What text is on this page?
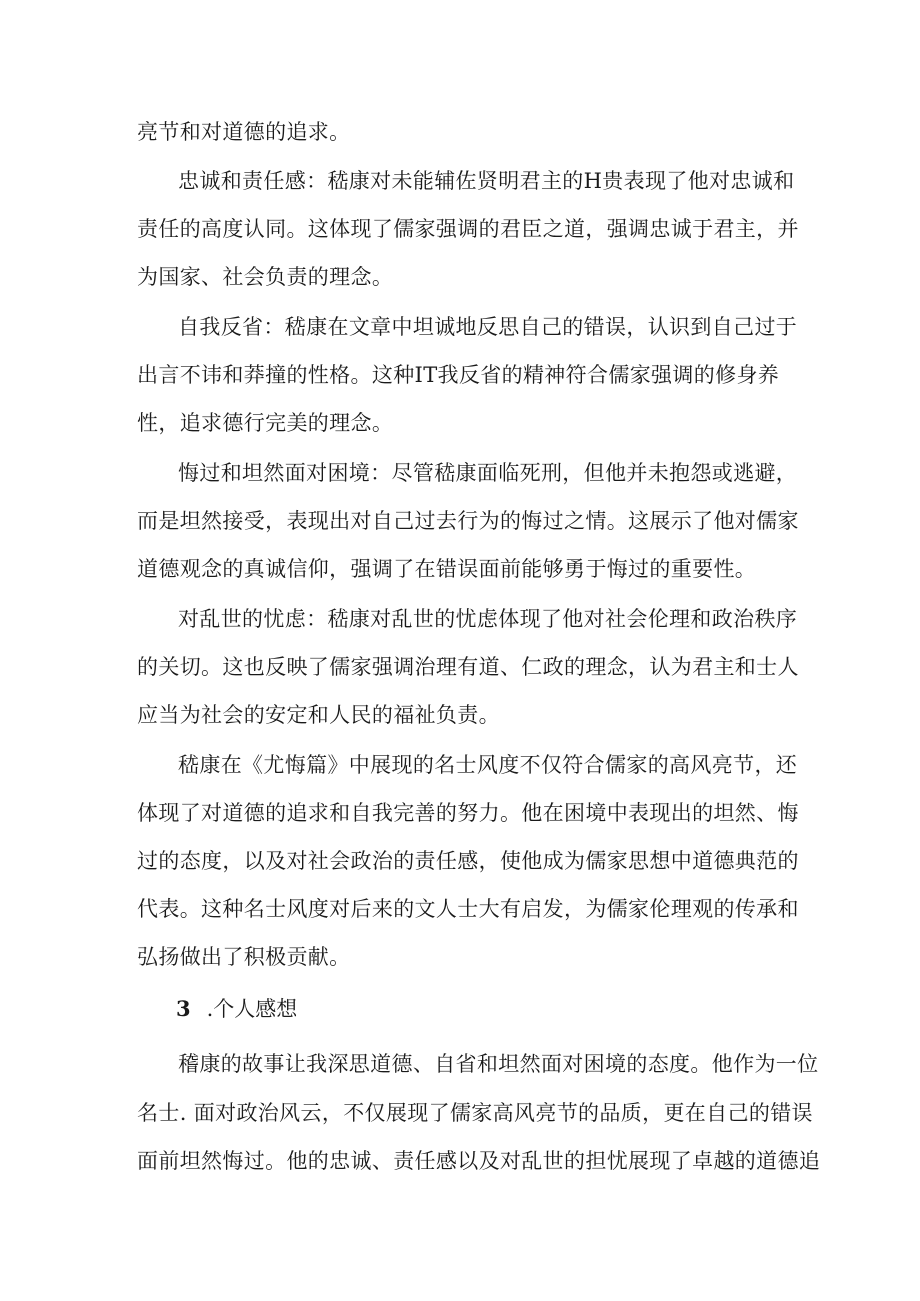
亮节和对道德的追求。
忠诚和责任感：嵇康对未能辅佐贤明君主的H贵表现了他对忠诚和
责任的高度认同。这体现了儒家强调的君臣之道，强调忠诚于君主，并
为国家、社会负责的理念。
自我反省：嵇康在文章中坦诚地反思自己的错误，认识到自己过于
出言不讳和莽撞的性格。这种IT我反省的精神符合儒家强调的修身养
性，追求德行完美的理念。
悔过和坦然面对困境：尽管嵇康面临死刑，但他并未抱怨或逃避，
而是坦然接受，表现出对自己过去行为的悔过之情。这展示了他对儒家
道德观念的真诚信仰，强调了在错误面前能够勇于悔过的重要性。
对乱世的忧虑：嵇康对乱世的忧虑体现了他对社会伦理和政治秩序
的关切。这也反映了儒家强调治理有道、仁政的理念，认为君主和士人
应当为社会的安定和人民的福祉负责。
嵇康在《尤悔篇》中展现的名士风度不仅符合儒家的高风亮节，还
体现了对道德的追求和自我完善的努力。他在困境中表现出的坦然、悔
过的态度，以及对社会政治的责任感，使他成为儒家思想中道德典范的
代表。这种名士风度对后来的文人士大有启发，为儒家伦理观的传承和
弘扬做出了积极贡献。
3 .个人感想
稽康的故事让我深思道德、自省和坦然面对困境的态度。他作为一位
名士. 面对政治风云，不仅展现了儒家高风亮节的品质，更在自己的错误
面前坦然悔过。他的忠诚、责任感以及对乱世的担忧展现了卓越的道德追
